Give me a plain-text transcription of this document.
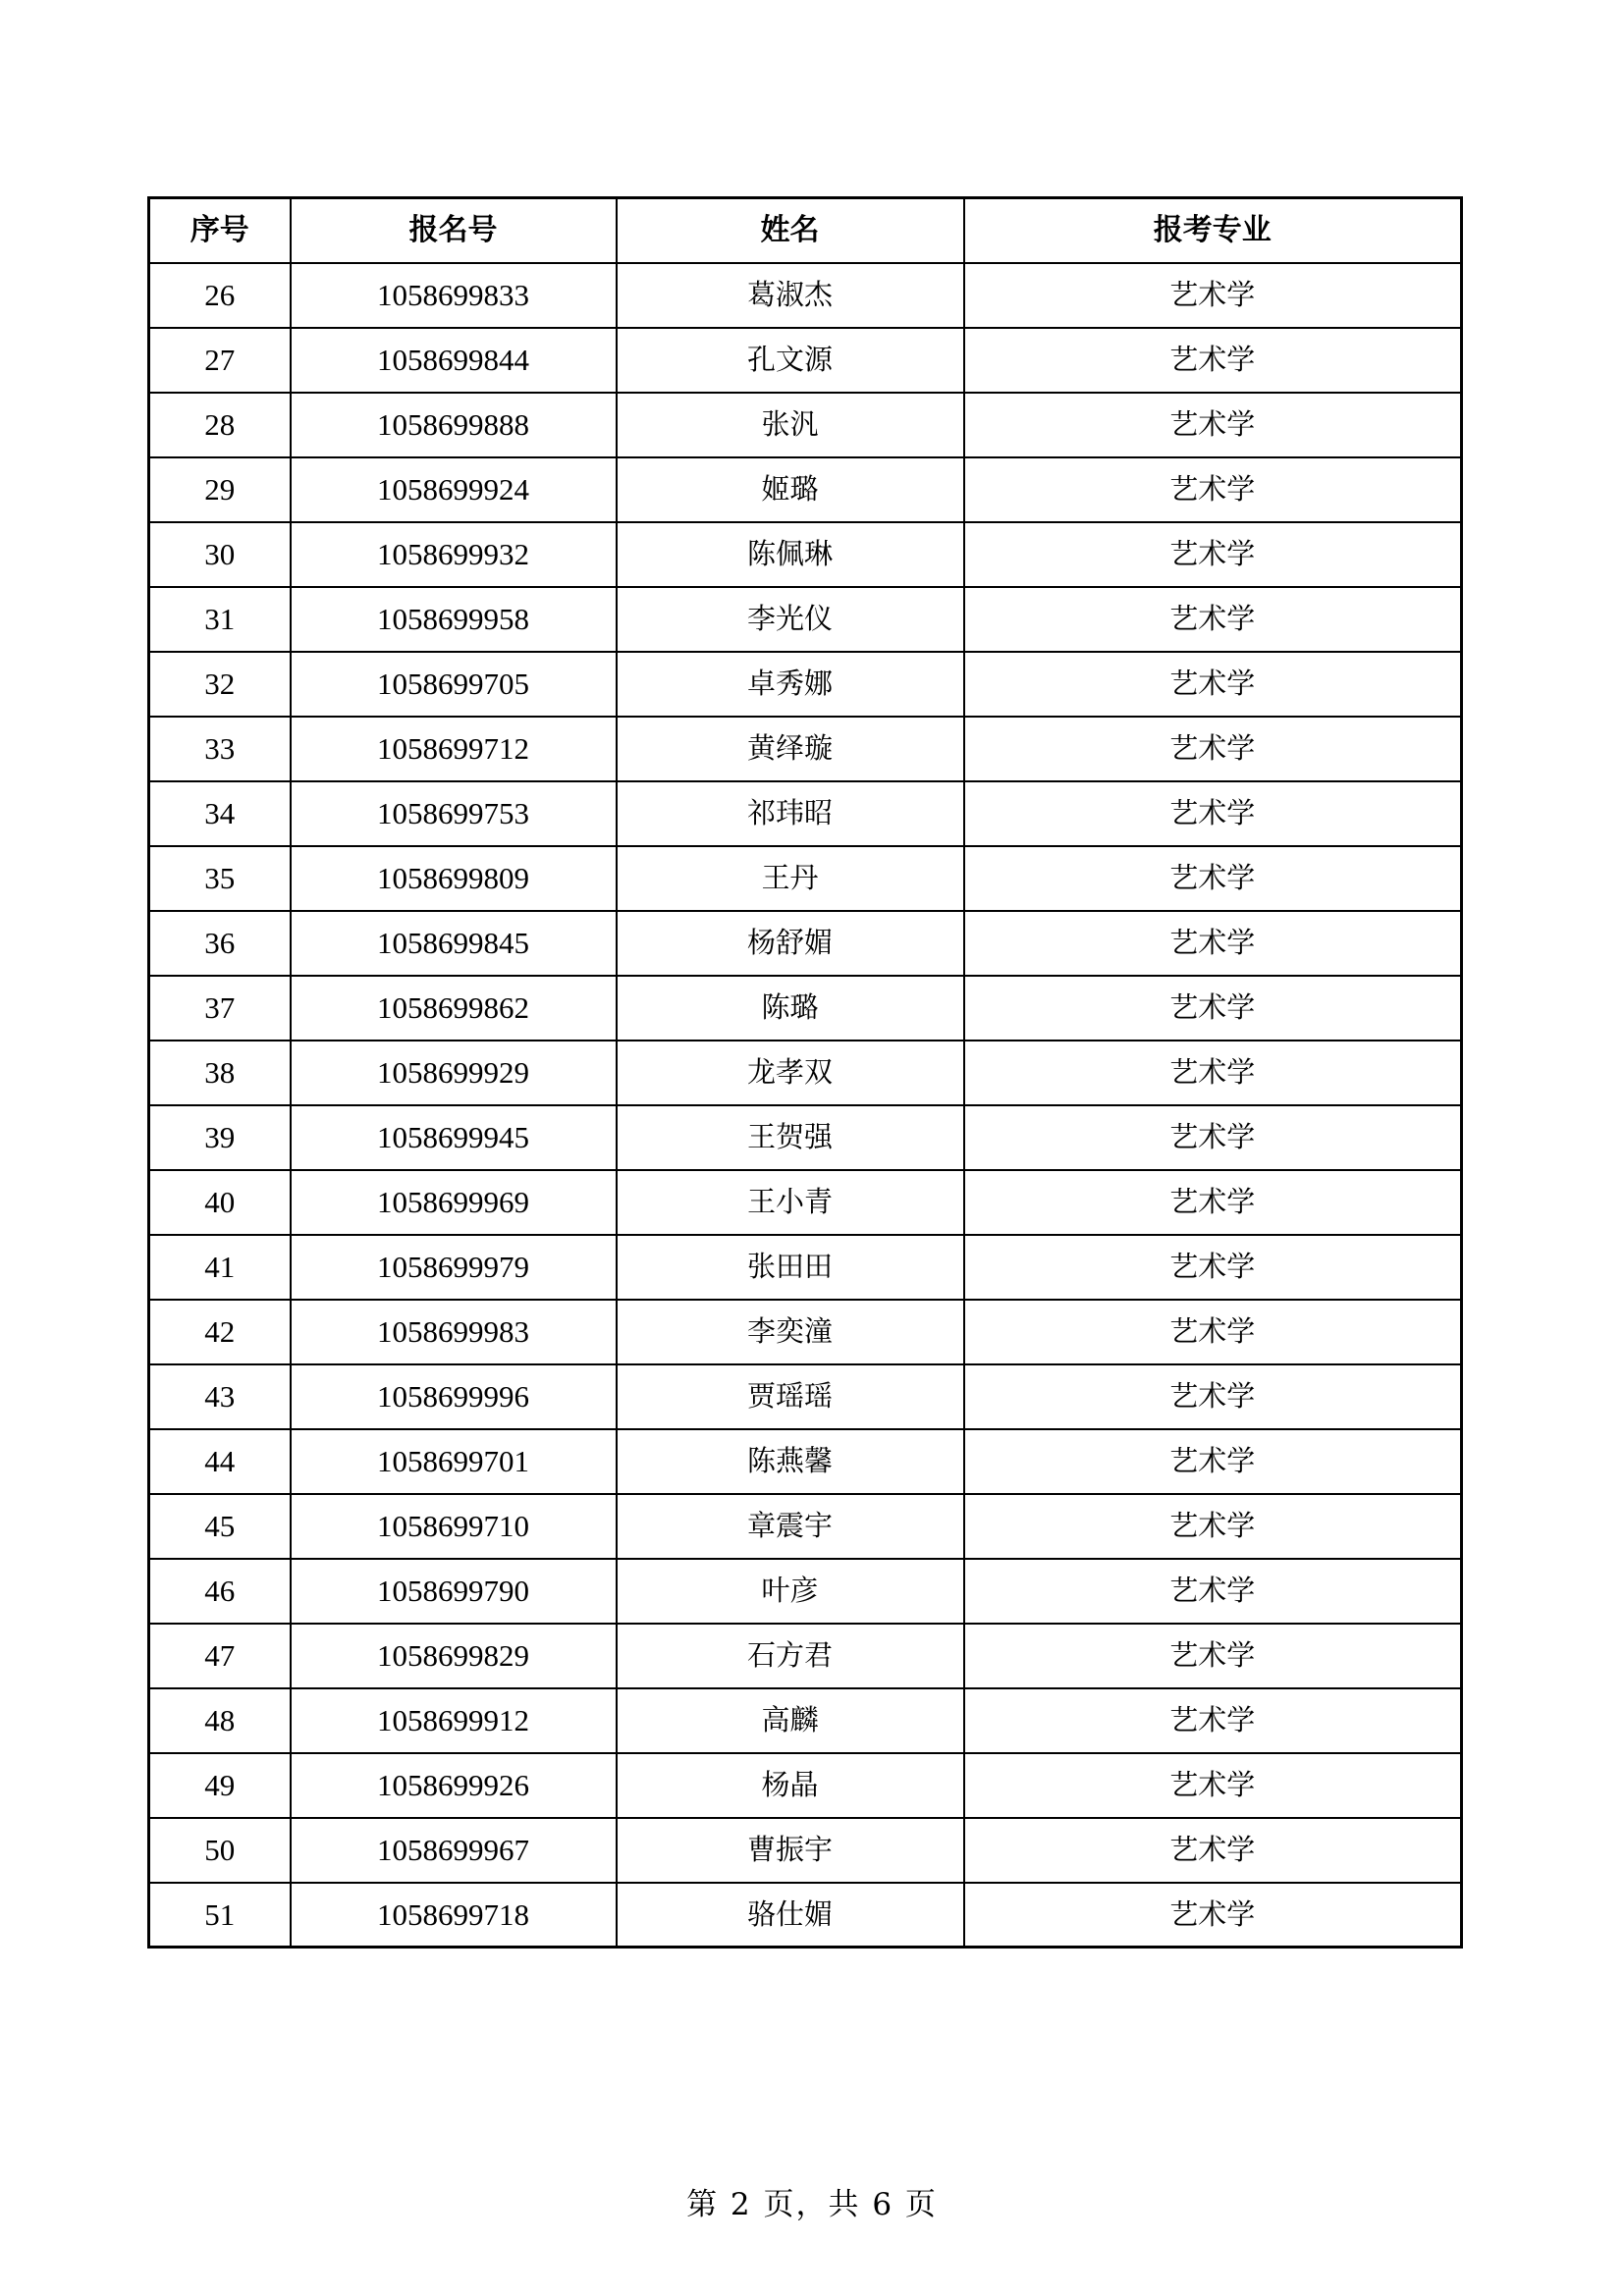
序号	报名号	姓名	报考专业
26	1058699833	葛淑杰	艺术学
27	1058699844	孔文源	艺术学
28	1058699888	张汎	艺术学
29	1058699924	姬璐	艺术学
30	1058699932	陈佩琳	艺术学
31	1058699958	李光仪	艺术学
32	1058699705	卓秀娜	艺术学
33	1058699712	黄绎璇	艺术学
34	1058699753	祁玮昭	艺术学
35	1058699809	王丹	艺术学
36	1058699845	杨舒媚	艺术学
37	1058699862	陈璐	艺术学
38	1058699929	龙孝双	艺术学
39	1058699945	王贺强	艺术学
40	1058699969	王小青	艺术学
41	1058699979	张田田	艺术学
42	1058699983	李奕潼	艺术学
43	1058699996	贾瑶瑶	艺术学
44	1058699701	陈燕馨	艺术学
45	1058699710	章震宇	艺术学
46	1058699790	叶彦	艺术学
47	1058699829	石方君	艺术学
48	1058699912	高麟	艺术学
49	1058699926	杨晶	艺术学
50	1058699967	曹振宇	艺术学
51	1058699718	骆仕媚	艺术学
第 2 页，共 6 页
